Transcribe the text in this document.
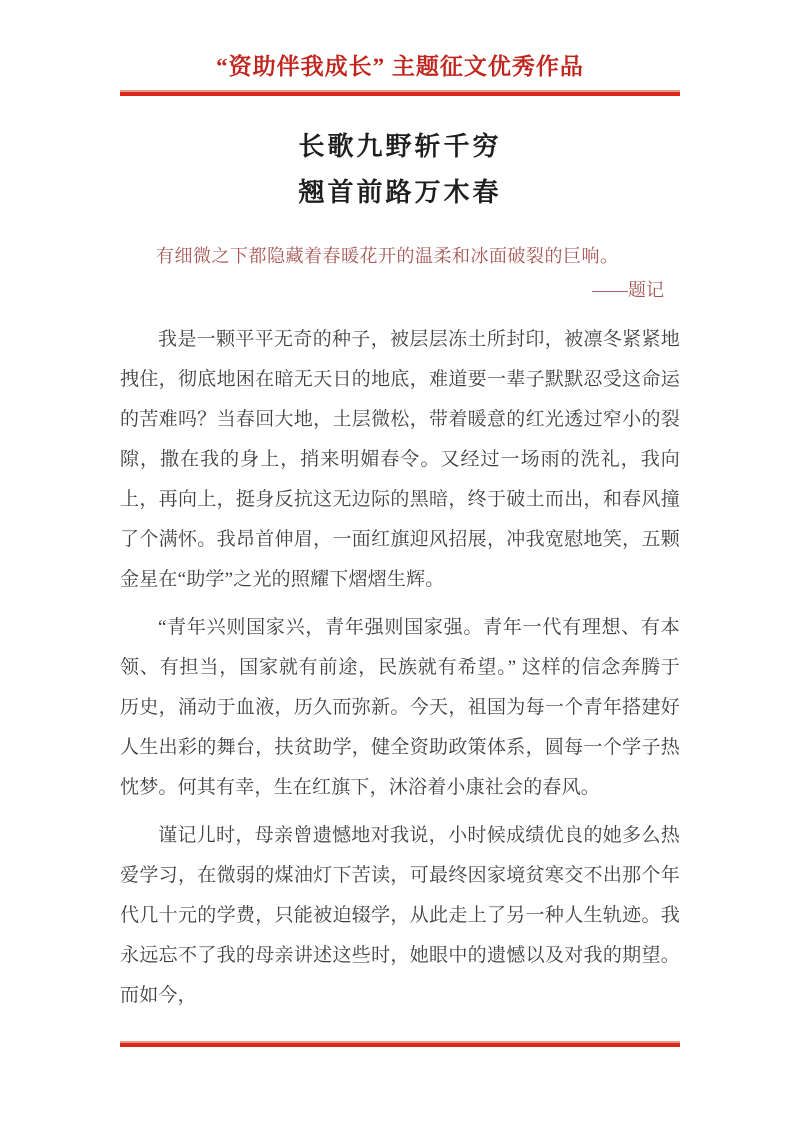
“资助伴我成长” 主题征文优秀作品
长歌九野斩千穷
翘首前路万木春

有细微之下都隐藏着春暖花开的温柔和冰面破裂的巨响。

——题记

我是一颗平平无奇的种子，被层层冻土所封印，被凛冬紧紧地拽住，彻底地困在暗无天日的地底，难道要一辈子默默忍受这命运的苦难吗？当春回大地，土层微松，带着暖意的红光透过窄小的裂隙，撒在我的身上，捎来明媚春令。又经过一场雨的洗礼，我向上，再向上，挺身反抗这无边际的黑暗，终于破土而出，和春风撞了个满怀。我昂首伸眉，一面红旗迎风招展，冲我宽慰地笑，五颗金星在“助学”之光的照耀下熠熠生辉。

“青年兴则国家兴，青年强则国家强。青年一代有理想、有本领、有担当，国家就有前途，民族就有希望。” 这样的信念奔腾于历史，涌动于血液，历久而弥新。今天，祖国为每一个青年搭建好人生出彩的舞台，扶贫助学，健全资助政策体系，圆每一个学子热忱梦。何其有幸，生在红旗下，沐浴着小康社会的春风。

谨记儿时，母亲曾遗憾地对我说，小时候成绩优良的她多么热爱学习，在微弱的煤油灯下苦读，可最终因家境贫寒交不出那个年代几十元的学费，只能被迫辍学，从此走上了另一种人生轨迹。我永远忘不了我的母亲讲述这些时，她眼中的遗憾以及对我的期望。而如今，
